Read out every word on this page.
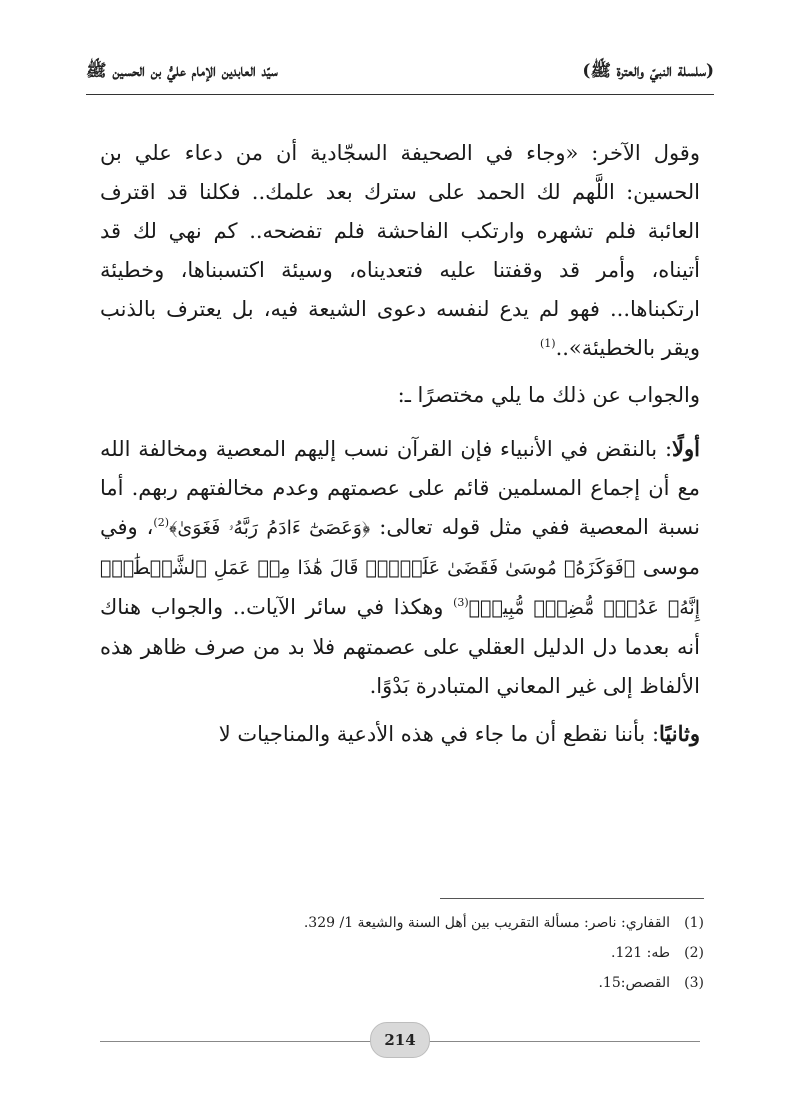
(سلسلة النبيّ والعترة ﷺ)
سيّد العابدين الإمام عليُّ بن الحسين ﷺ

وقول الآخر: «وجاء في الصحيفة السجّادية أن من دعاء علي بن الحسين: اللَّهم لك الحمد على سترك بعد علمك.. فكلنا قد اقترف العائبة فلم تشهره وارتكب الفاحشة فلم تفضحه.. كم نهي لك قد أتيناه، وأمر قد وقفتنا عليه فتعديناه، وسيئة اكتسبناها، وخطيئة ارتكبناها... فهو لم يدع لنفسه دعوى الشيعة فيه، بل يعترف بالذنب ويقر بالخطيئة»..$^{(1)}$

والجواب عن ذلك ما يلي مختصرًا ـ:

أولًا: بالنقض في الأنبياء فإن القرآن نسب إليهم المعصية ومخالفة الله مع أن إجماع المسلمين قائم على عصمتهم وعدم مخالفتهم ربهم. أما نسبة المعصية ففي مثل قوله تعالى: ﴿وَعَصَىٰٓ ءَادَمُ رَبَّهُۥ فَغَوَىٰ﴾$^{(2)}$، وفي موسى ﴿فَوَكَزَهُۥ مُوسَىٰ فَقَضَىٰ عَلَيۡهِۖ قَالَ هَٰذَا مِنۡ عَمَلِ ٱلشَّيۡطَٰنِۖ إِنَّهُۥ عَدُوّٞ مُّضِلّٞ مُّبِينٞ﴾$^{(3)}$ وهكذا في سائر الآيات.. والجواب هناك أنه بعدما دل الدليل العقلي على عصمتهم فلا بد من صرف ظاهر هذه الألفاظ إلى غير المعاني المتبادرة بَدْوًا.

وثانيًا: بأننا نقطع أن ما جاء في هذه الأدعية والمناجيات لا

(1)
القفاري: ناصر: مسألة التقريب بين أهل السنة والشيعة 1/ 329.
(2)
طه: 121.
(3)
القصص:15.
214
